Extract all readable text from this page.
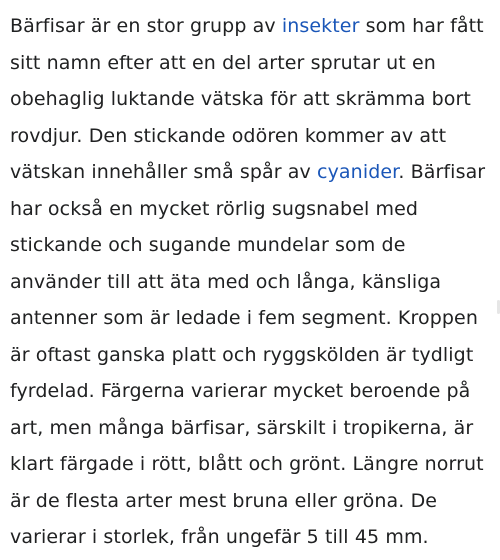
Bärfisar är en stor grupp av insekter som har fått
sitt namn efter att en del arter sprutar ut en
obehaglig luktande vätska för att skrämma bort
rovdjur. Den stickande odören kommer av att
vätskan innehåller små spår av cyanider. Bärfisar
har också en mycket rörlig sugsnabel med
stickande och sugande mundelar som de
använder till att äta med och långa, känsliga
antenner som är ledade i fem segment. Kroppen
är oftast ganska platt och ryggskölden är tydligt
fyrdelad. Färgerna varierar mycket beroende på
art, men många bärfisar, särskilt i tropikerna, är
klart färgade i rött, blått och grönt. Längre norrut
är de flesta arter mest bruna eller gröna. De
varierar i storlek, från ungefär 5 till 45 mm.
